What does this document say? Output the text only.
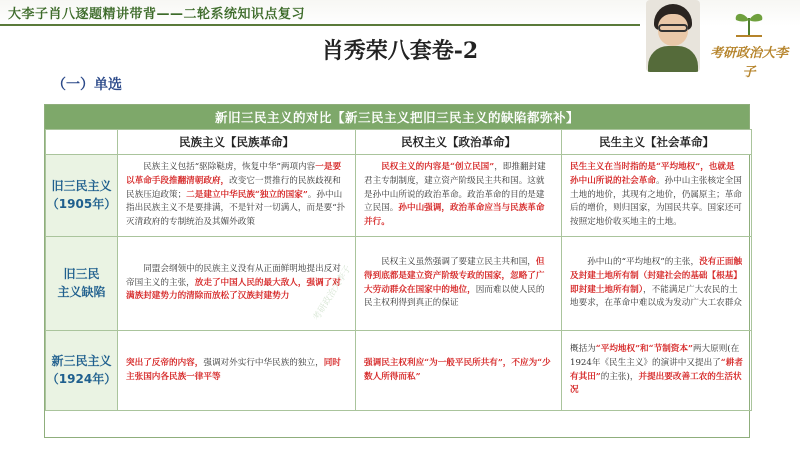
大李子肖八逐题精讲带背——二轮系统知识点复习
考研政治大李子
肖秀荣八套卷-2
（一）单选
新旧三民主义的对比【新三民主义把旧三民主义的缺陷都弥补】
	民族主义【民族革命】	民权主义【政治革命】	民生主义【社会革命】

旧三民主义
（1905年）	民族主义包括“驱除鞑虏，恢复中华”两项内容一是要以革命手段推翻清朝政府，改变它一贯推行的民族歧视和民族压迫政策；二是建立中华民族“独立的国家”。孙中山指出民族主义不是要排满，不是针对一切满人，而是要“扑灭清政府的专制统治及其媚外政策	民权主义的内容是“创立民国”，即推翻封建君主专制制度，建立资产阶级民主共和国。这就是孙中山所说的政治革命。政治革命的目的是建立民国。孙中山强调，政治革命应当与民族革命并行。	民生主义在当时指的是“平均地权”，也就是孙中山所说的社会革命。孙中山主张核定全国土地的地价，其现有之地价，仍属原主；革命后的增价，则归国家，为国民共享。国家还可按照定地价收买地主的土地。

旧三民
主义缺陷	同盟会纲领中的民族主义没有从正面鲜明地提出反对帝国主义的主张，放走了中国人民的最大敌人，强调了对满族封建势力的清除而放松了汉族封建势力	民权主义虽然强调了要建立民主共和国，但得到底都是建立资产阶级专政的国家，忽略了广大劳动群众在国家中的地位，因而难以使人民的民主权利得到真正的保证	孙中山的“平均地权”的主张，没有正面触及封建土地所有制（封建社会的基础【根基】即封建土地所有制），不能满足广大农民的土地要求，在革命中难以成为发动广大工农群众

新三民主义
（1924年）	突出了反帝的内容，强调对外实行中华民族的独立，同时主张国内各民族一律平等	强调民主权利应“为一般平民所共有”，不应为“少数人所得而私”	概括为“平均地权”和“节制资本”两大原则(在1924年《民生主义》的演讲中又提出了“耕者有其田”的主张)，并提出要改善工农的生活状况
考研政治大李子
